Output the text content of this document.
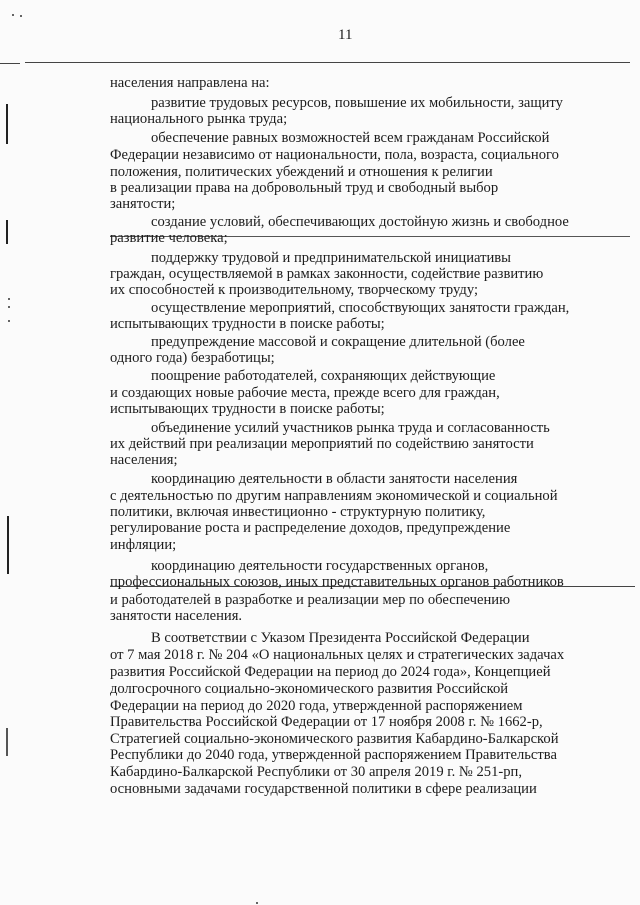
11

населения направлена на:

развитие трудовых ресурсов, повышение их мобильности, защиту

национального рынка труда;

обеспечение равных возможностей всем гражданам Российской

Федерации независимо от национальности, пола, возраста, социального

положения, политических убеждений и отношения к религии

в реализации права на добровольный труд и свободный выбор

занятости;

создание условий, обеспечивающих достойную жизнь и свободное

развитие человека;

поддержку трудовой и предпринимательской инициативы

граждан, осуществляемой в рамках законности, содействие развитию

их способностей к производительному, творческому труду;

осуществление мероприятий, способствующих занятости граждан,

испытывающих трудности в поиске работы;

предупреждение массовой и сокращение длительной (более

одного года) безработицы;

поощрение работодателей, сохраняющих действующие

и создающих новые рабочие места, прежде всего для граждан,

испытывающих трудности в поиске работы;

объединение усилий участников рынка труда и согласованность

их действий при реализации мероприятий по содействию занятости

населения;

координацию деятельности в области занятости населения

с деятельностью по другим направлениям экономической и социальной

политики, включая инвестиционно - структурную политику,

регулирование роста и распределение доходов, предупреждение

инфляции;

координацию деятельности государственных органов,

профессиональных союзов, иных представительных органов работников

и работодателей в разработке и реализации мер по обеспечению

занятости населения.

В соответствии с Указом Президента Российской Федерации

от 7 мая 2018 г. № 204 «О национальных целях и стратегических задачах

развития Российской Федерации на период до 2024 года», Концепцией

долгосрочного социально-экономического развития Российской

Федерации на период до 2020 года, утвержденной распоряжением

Правительства Российской Федерации от 17 ноября 2008 г. № 1662-р,

Стратегией социально-экономического развития Кабардино-Балкарской

Республики до 2040 года, утвержденной распоряжением Правительства

Кабардино-Балкарской Республики от 30 апреля 2019 г. № 251-рп,

основными задачами государственной политики в сфере реализации
